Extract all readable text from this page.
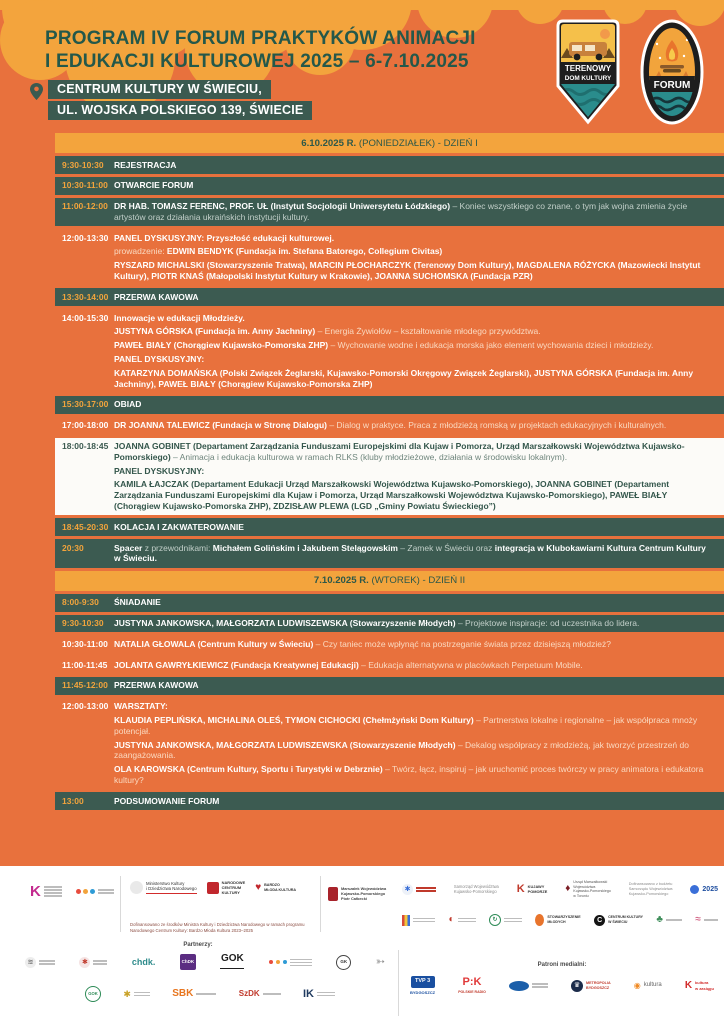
PROGRAM IV FORUM PRAKTYKÓW ANIMACJI
I EDUKACJI KULTUROWEJ 2025 – 6-7.10.2025
CENTRUM KULTURY W ŚWIECIU,
UL. WOJSKA POLSKIEGO 139, ŚWIECIE
TERENOWY
DOM KULTURY
FORUM
6.10.2025 R. (PONIEDZIAŁEK) - DZIEŃ I
9:30-10:30	REJESTRACJA
10:30-11:00 OTWARCIE FORUM
11:00-12:00 DR HAB. TOMASZ FERENC, PROF. UŁ (Instytut Socjologii Uniwersytetu Łódzkiego) – Koniec wszystkiego co znane, o tym jak wojna zmienia życie artystów oraz działania ukraińskich instytucji kultury.
12:00-13:30 PANEL DYSKUSYJNY: Przyszłość edukacji kulturowej.
prowadzenie: EDWIN BENDYK (Fundacja im. Stefana Batorego, Collegium Civitas)
RYSZARD MICHALSKI (Stowarzyszenie Tratwa), MARCIN PŁOCHARCZYK (Terenowy Dom Kultury), MAGDALENA RÓŻYCKA (Mazowiecki Instytut Kultury), PIOTR KNAŚ (Małopolski Instytut Kultury w Krakowie), JOANNA SUCHOMSKA (Fundacja PZR)
13:30-14:00 PRZERWA KAWOWA
14:00-15:30 Innowacje w edukacji Młodzieży.
JUSTYNA GÓRSKA (Fundacja im. Anny Jachniny) – Energia Żywiołów – kształtowanie młodego przywództwa.
PAWEŁ BIAŁY (Chorągiew Kujawsko-Pomorska ZHP) – Wychowanie wodne i edukacja morska jako element wychowania dzieci i młodzieży.
PANEL DYSKUSYJNY:
KATARZYNA DOMAŃSKA (Polski Związek Żeglarski, Kujawsko-Pomorski Okręgowy Związek Żeglarski), JUSTYNA GÓRSKA (Fundacja im. Anny Jachniny), PAWEŁ BIAŁY (Chorągiew Kujawsko-Pomorska ZHP)
15:30-17:00 OBIAD
17:00-18:00 DR JOANNA TALEWICZ (Fundacja w Stronę Dialogu) – Dialog w praktyce. Praca z młodzieżą romską w projektach edukacyjnych i kulturalnych.
18:00-18:45 JOANNA GOBINET (Departament Zarządzania Funduszami Europejskimi dla Kujaw i Pomorza, Urząd Marszałkowski Województwa Kujawsko-Pomorskiego) – Animacja i edukacja kulturowa w ramach RLKS (kluby młodzieżowe, działania w środowisku lokalnym).
PANEL DYSKUSYJNY:
KAMILA ŁAJCZAK (Departament Edukacji Urząd Marszałkowski Województwa Kujawsko-Pomorskiego), JOANNA GOBINET (Departament Zarządzania Funduszami Europejskimi dla Kujaw i Pomorza, Urząd Marszałkowski Województwa Kujawsko-Pomorskiego), PAWEŁ BIAŁY (Chorągiew Kujawsko-Pomorska ZHP), ZDZISŁAW PLEWA (LGD „Gminy Powiatu Świeckiego”)
18:45-20:30 KOLACJA I ZAKWATEROWANIE
20:30	Spacer z przewodnikami: Michałem Golińskim i Jakubem Stelągowskim – Zamek w Świeciu oraz integracja w Klubokawiarni Kultura Centrum Kultury w Świeciu.
7.10.2025 R. (WTOREK) - DZIEŃ II
8:00-9:30	ŚNIADANIE
9:30-10:30	JUSTYNA JANKOWSKA, MAŁGORZATA LUDWISZEWSKA (Stowarzyszenie Młodych) – Projektowe inspiracje: od uczestnika do lidera.
10:30-11:00 NATALIA GŁOWALA (Centrum Kultury w Świeciu) – Czy taniec może wpłynąć na postrzeganie świata przez dzisiejszą młodzież?
11:00-11:45 JOLANTA GAWRYŁKIEWICZ (Fundacja Kreatywnej Edukacji) – Edukacja alternatywna w placówkach Perpetuum Mobile.
11:45-12:00 PRZERWA KAWOWA
12:00-13:00 WARSZTATY:
KLAUDIA PEPLIŃSKA, MICHALINA OLEŚ, TYMON CICHOCKI (Chełmżyński Dom Kultury) – Partnerstwa lokalne i regionalne – jak współpraca mnoży potencjał.
JUSTYNA JANKOWSKA, MAŁGORZATA LUDWISZEWSKA (Stowarzyszenie Młodych) – Dekalog współpracy z młodzieżą, jak tworzyć przestrzeń do zaangażowania.
OLA KAROWSKA (Centrum Kultury, Sportu i Turystyki w Debrznie) – Twórz, łącz, inspiruj – jak uruchomić proces twórczy w pracy animatora i edukatora kultury?
13:00	PODSUMOWANIE FORUM
K	Ministerstwo Kultury
i Dziedzictwa Narodowego
NARODOWE
CENTRUM
KULTURY
♥ BARDZO
MŁODA KULTURA
Dofinansowano ze środków Ministra Kultury i Dziedzictwa Narodowego w ramach programu
Narodowego Centrum Kultury: Bardzo Młoda Kultura 2023–2025
Marszałek Województwa
Kujawsko-Pomorskiego
Piotr Całbecki
✱	Samorząd Województwa
Kujawsko-Pomorskiego K KUJAWY
POMORZE ♦
Urząd Marszałkowski
Województwa
Kujawsko-Pomorskiego
w Toruniu
Dofinansowano z budżetu
Samorządu Województwa
Kujawsko-Pomorskiego
2025
◐	↻	STOWARZYSZENIE
MŁODYCH	C	CENTRUM KULTURY
W ŚWIECIU	♣	≈
Partnerzy:
≋	✱	chdk.	ChDK	GOK	GK	➳
GOK	✱	SBK	SzDK	IK
Patroni medialni:
TVP 3
BYDGOSZCZ
P:K
POLSKIE RADIO
♛	METROPOLIA
BYDGOSZCZ	◉ kultura K kultura
w zasięgu
